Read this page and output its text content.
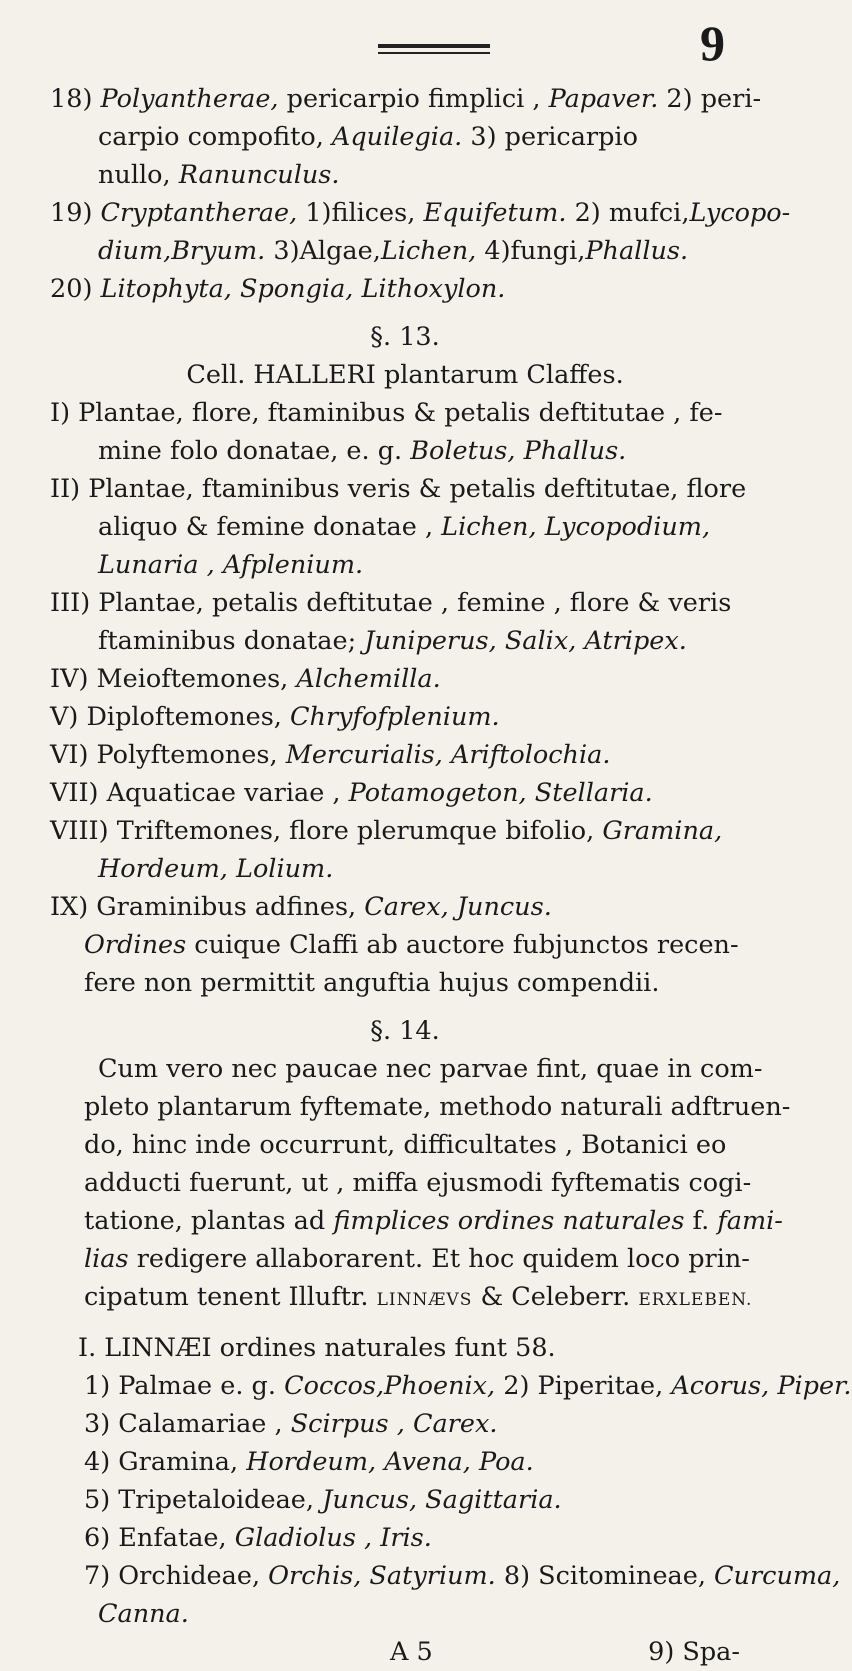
9
18) Polyantherae, pericarpio fimplici , Papaver. 2) peri-
carpio compofito, Aquilegia. 3) pericarpio
nullo, Ranunculus.
19) Cryptantherae, 1)filices, Equifetum. 2) mufci,Lycopo-
dium,Bryum. 3)Algae,Lichen, 4)fungi,Phallus.
20) Litophyta, Spongia, Lithoxylon.
§. 13.
Cell. HALLERI plantarum Claffes.
I) Plantae, flore, ftaminibus & petalis deftitutae , fe-
mine folo donatae, e. g. Boletus, Phallus.
II) Plantae, ftaminibus veris & petalis deftitutae, flore
aliquo & femine donatae , Lichen, Lycopodium,
Lunaria , Afplenium.
III) Plantae, petalis deftitutae , femine , flore & veris
ftaminibus donatae; Juniperus, Salix, Atripex.
IV) Meioftemones, Alchemilla.
V) Diploftemones, Chryfofplenium.
VI) Polyftemones, Mercurialis, Ariftolochia.
VII) Aquaticae variae , Potamogeton, Stellaria.
VIII) Triftemones, flore plerumque bifolio, Gramina,
Hordeum, Lolium.
IX) Graminibus adfines, Carex, Juncus.
Ordines cuique Claffi ab auctore fubjunctos recen-
fere non permittit anguftia hujus compendii.
§. 14.
Cum vero nec paucae nec parvae fint, quae in com-
pleto plantarum fyftemate, methodo naturali adftruen-
do, hinc inde occurrunt, difficultates , Botanici eo
adducti fuerunt, ut , miffa ejusmodi fyftematis cogi-
tatione, plantas ad fimplices ordines naturales f. fami-
lias redigere allaborarent. Et hoc quidem loco prin-
cipatum tenent Illuftr. LINNÆVS & Celeberr. ERXLEBEN.
I. LINNÆI ordines naturales funt 58.
1) Palmae e. g. Coccos,Phoenix, 2) Piperitae, Acorus, Piper.
3) Calamariae , Scirpus , Carex.
4) Gramina, Hordeum, Avena, Poa.
5) Tripetaloideae, Juncus, Sagittaria.
6) Enfatae, Gladiolus , Iris.
7) Orchideae, Orchis, Satyrium. 8) Scitomineae, Curcuma,
Canna.
A 5	9) Spa-
